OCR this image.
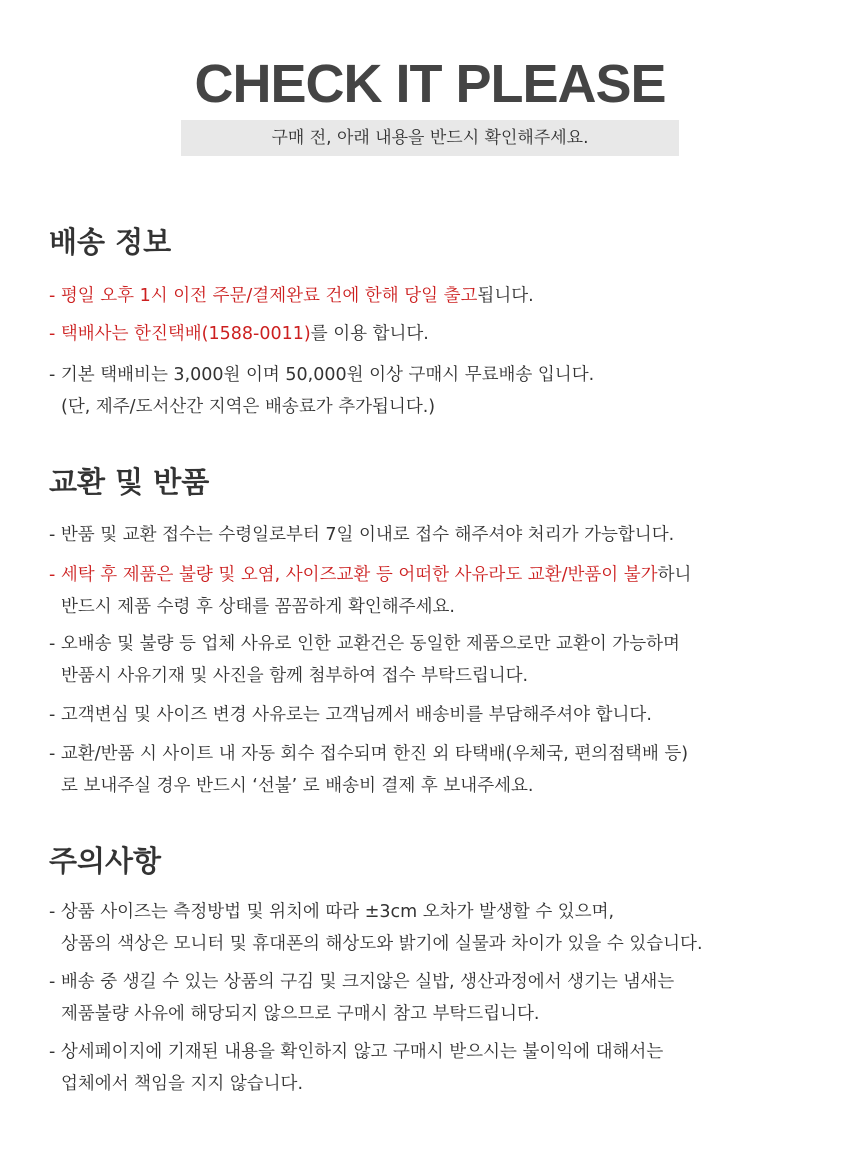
CHECK IT PLEASE
구매 전, 아래 내용을 반드시 확인해주세요.
배송 정보
- 평일 오후 1시 이전 주문/결제완료 건에 한해 당일 출고됩니다.
- 택배사는 한진택배(1588-0011)를 이용 합니다.
- 기본 택배비는 3,000원 이며 50,000원 이상 구매시 무료배송 입니다.
(단, 제주/도서산간 지역은 배송료가 추가됩니다.)
교환 및 반품
- 반품 및 교환 접수는 수령일로부터 7일 이내로 접수 해주셔야 처리가 가능합니다.
- 세탁 후 제품은 불량 및 오염, 사이즈교환 등 어떠한 사유라도 교환/반품이 불가하니
반드시 제품 수령 후 상태를 꼼꼼하게 확인해주세요.
- 오배송 및 불량 등 업체 사유로 인한 교환건은 동일한 제품으로만 교환이 가능하며
반품시 사유기재 및 사진을 함께 첨부하여 접수 부탁드립니다.
- 고객변심 및 사이즈 변경 사유로는 고객님께서 배송비를 부담해주셔야 합니다.
- 교환/반품 시 사이트 내 자동 회수 접수되며 한진 외 타택배(우체국, 편의점택배 등)
로 보내주실 경우 반드시 ‘선불’ 로 배송비 결제 후 보내주세요.
주의사항
- 상품 사이즈는 측정방법 및 위치에 따라 ±3cm 오차가 발생할 수 있으며,
상품의 색상은 모니터 및 휴대폰의 해상도와 밝기에 실물과 차이가 있을 수 있습니다.
- 배송 중 생길 수 있는 상품의 구김 및 크지않은 실밥, 생산과정에서 생기는 냄새는
제품불량 사유에 해당되지 않으므로 구매시 참고 부탁드립니다.
- 상세페이지에 기재된 내용을 확인하지 않고 구매시 받으시는 불이익에 대해서는
업체에서 책임을 지지 않습니다.
